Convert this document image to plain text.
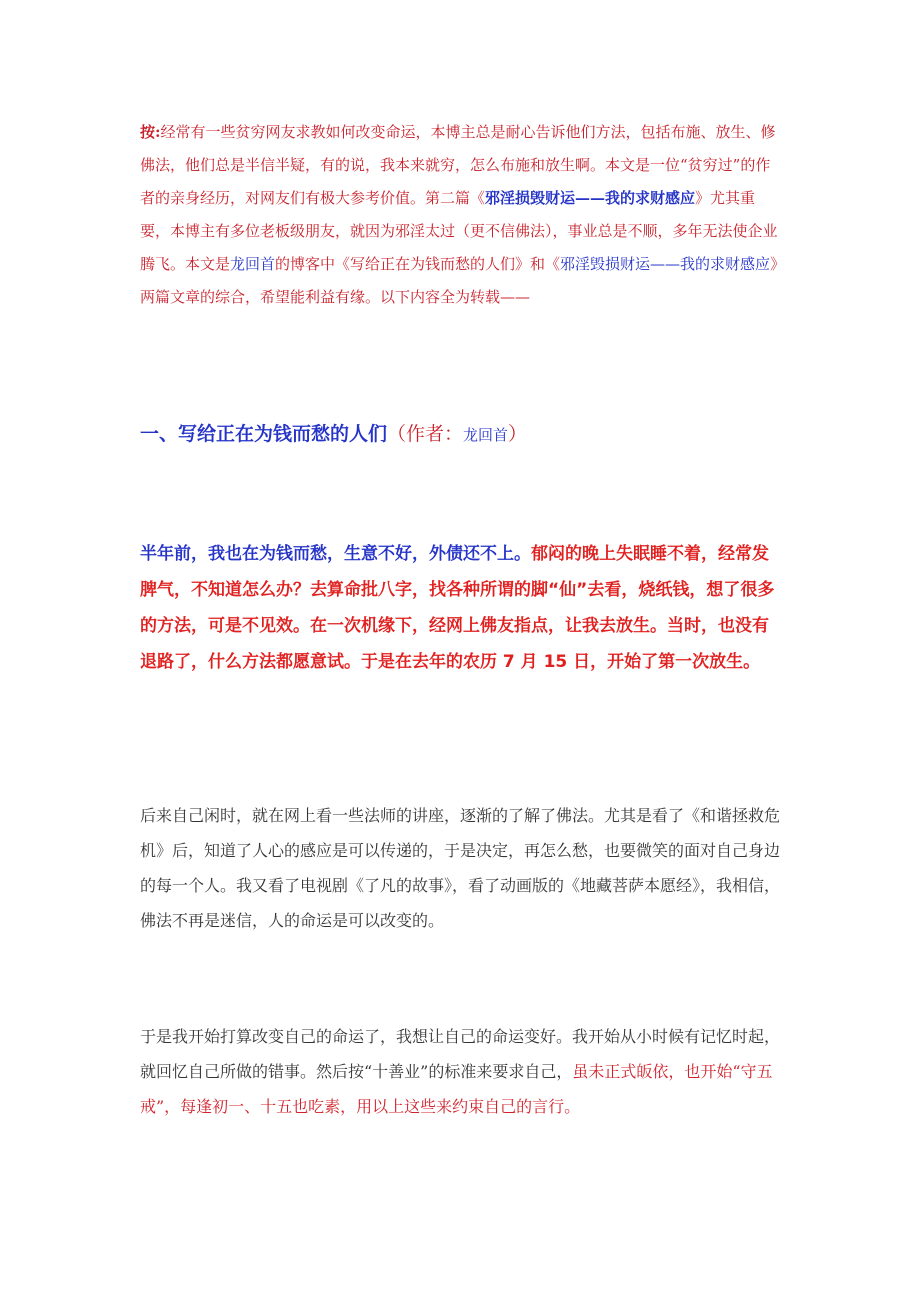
按:经常有一些贫穷网友求教如何改变命运，本博主总是耐心告诉他们方法，包括布施、放生、修佛法，他们总是半信半疑，有的说，我本来就穷，怎么布施和放生啊。本文是一位“贫穷过”的作者的亲身经历，对网友们有极大参考价值。第二篇《邪淫损毁财运——我的求财感应》尤其重要，本博主有多位老板级朋友，就因为邪淫太过（更不信佛法），事业总是不顺，多年无法使企业腾飞。本文是龙回首的博客中《写给正在为钱而愁的人们》和《邪淫毁损财运——我的求财感应》两篇文章的综合，希望能利益有缘。以下内容全为转载——

一、写给正在为钱而愁的人们（作者：龙回首）

半年前，我也在为钱而愁，生意不好，外债还不上。郁闷的晚上失眠睡不着，经常发脾气，不知道怎么办？去算命批八字，找各种所谓的脚“仙”去看，烧纸钱，想了很多的方法，可是不见效。在一次机缘下，经网上佛友指点，让我去放生。当时，也没有退路了，什么方法都愿意试。于是在去年的农历 7 月 15 日，开始了第一次放生。

后来自己闲时，就在网上看一些法师的讲座，逐渐的了解了佛法。尤其是看了《和谐拯救危机》后，知道了人心的感应是可以传递的，于是决定，再怎么愁，也要微笑的面对自己身边的每一个人。我又看了电视剧《了凡的故事》，看了动画版的《地藏菩萨本愿经》，我相信，佛法不再是迷信，人的命运是可以改变的。

于是我开始打算改变自己的命运了，我想让自己的命运变好。我开始从小时候有记忆时起，就回忆自己所做的错事。然后按“十善业”的标准来要求自己，虽未正式皈依，也开始“守五戒”，每逢初一、十五也吃素，用以上这些来约束自己的言行。
